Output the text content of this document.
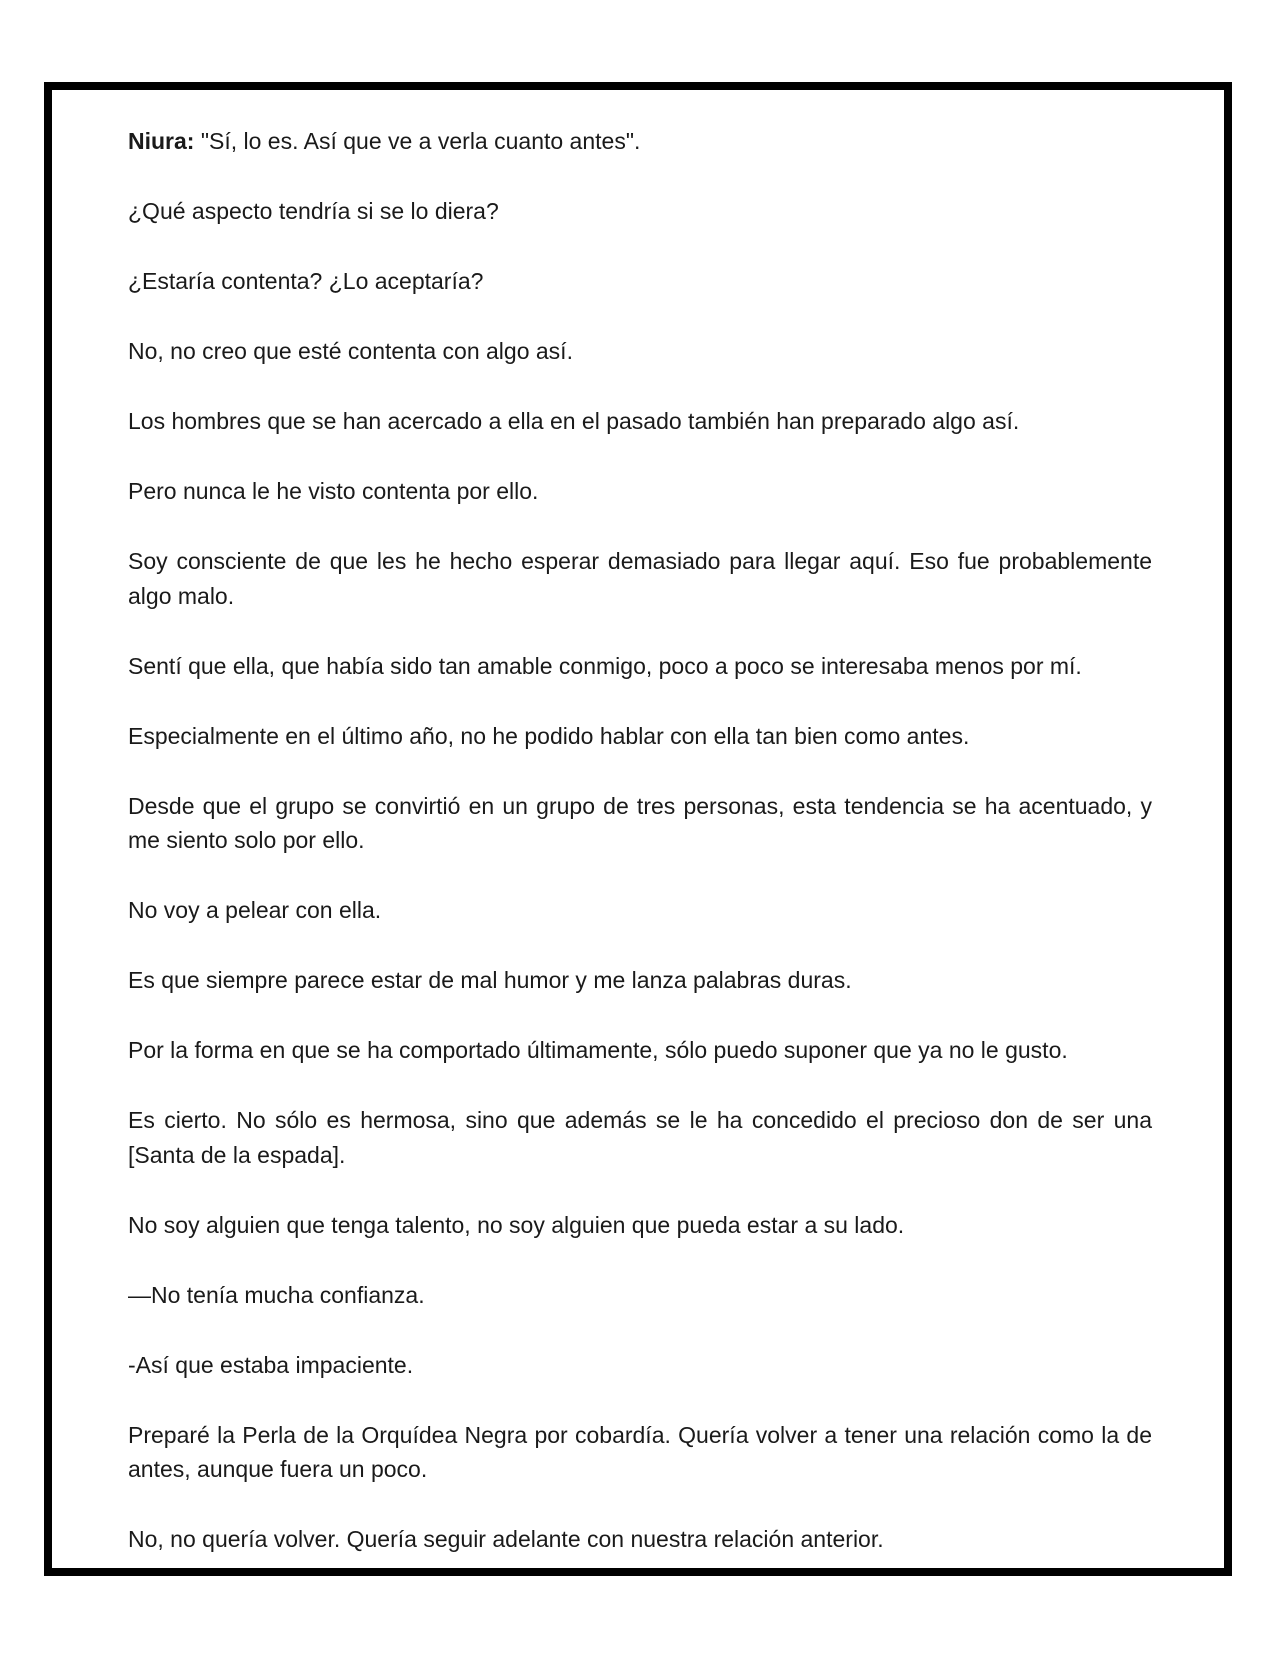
Niura: "Sí, lo es. Así que ve a verla cuanto antes".

¿Qué aspecto tendría si se lo diera?

¿Estaría contenta? ¿Lo aceptaría?

No, no creo que esté contenta con algo así.

Los hombres que se han acercado a ella en el pasado también han preparado algo así.

Pero nunca le he visto contenta por ello.

Soy consciente de que les he hecho esperar demasiado para llegar aquí. Eso fue probablemente algo malo.

Sentí que ella, que había sido tan amable conmigo, poco a poco se interesaba menos por mí.

Especialmente en el último año, no he podido hablar con ella tan bien como antes.

Desde que el grupo se convirtió en un grupo de tres personas, esta tendencia se ha acentuado, y me siento solo por ello.

No voy a pelear con ella.

Es que siempre parece estar de mal humor y me lanza palabras duras.

Por la forma en que se ha comportado últimamente, sólo puedo suponer que ya no le gusto.

Es cierto. No sólo es hermosa, sino que además se le ha concedido el precioso don de ser una [Santa de la espada].

No soy alguien que tenga talento, no soy alguien que pueda estar a su lado.

—No tenía mucha confianza.

-Así que estaba impaciente.

Preparé la Perla de la Orquídea Negra por cobardía. Quería volver a tener una relación como la de antes, aunque fuera un poco.

No, no quería volver. Quería seguir adelante con nuestra relación anterior.
